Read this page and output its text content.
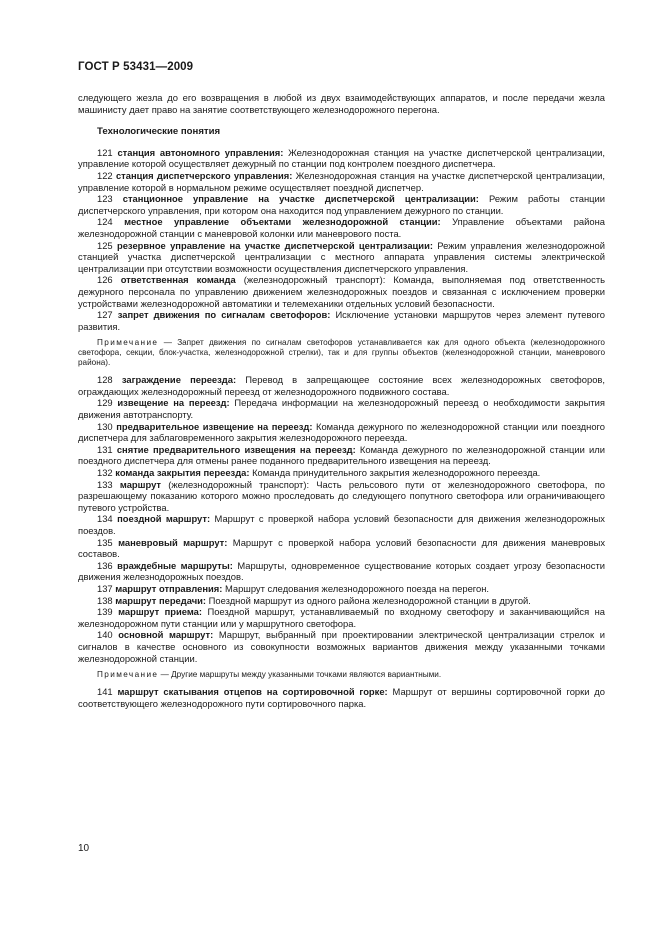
ГОСТ Р 53431—2009

следующего жезла до его возвращения в любой из двух взаимодействующих аппаратов, и после передачи жезла машинисту дает право на занятие соответствующего железнодорожного перегона.

Технологические понятия

121 станция автономного управления: Железнодорожная станция на участке диспетчерской централизации, управление которой осуществляет дежурный по станции под контролем поездного диспетчера.

122 станция диспетчерского управления: Железнодорожная станция на участке диспетчерской централизации, управление которой в нормальном режиме осуществляет поездной диспетчер.

123 станционное управление на участке диспетчерской централизации: Режим работы станции диспетчерского управления, при котором она находится под управлением дежурного по станции.

124 местное управление объектами железнодорожной станции: Управление объектами района железнодорожной станции с маневровой колонки или маневрового поста.

125 резервное управление на участке диспетчерской централизации: Режим управления железнодорожной станцией участка диспетчерской централизации с местного аппарата управления системы электрической централизации при отсутствии возможности осуществления диспетчерского управления.

126 ответственная команда (железнодорожный транспорт): Команда, выполняемая под ответственность дежурного персонала по управлению движением железнодорожных поездов и связанная с исключением проверки устройствами железнодорожной автоматики и телемеханики отдельных условий безопасности.

127 запрет движения по сигналам светофоров: Исключение установки маршрутов через элемент путевого развития.

Примечание — Запрет движения по сигналам светофоров устанавливается как для одного объекта (железнодорожного светофора, секции, блок-участка, железнодорожной стрелки), так и для группы объектов (железнодорожной станции, маневрового района).

128 заграждение переезда: Перевод в запрещающее состояние всех железнодорожных светофоров, ограждающих железнодорожный переезд от железнодорожного подвижного состава.

129 извещение на переезд: Передача информации на железнодорожный переезд о необходимости закрытия движения автотранспорту.

130 предварительное извещение на переезд: Команда дежурного по железнодорожной станции или поездного диспетчера для заблаговременного закрытия железнодорожного переезда.

131 снятие предварительного извещения на переезд: Команда дежурного по железнодорожной станции или поездного диспетчера для отмены ранее поданного предварительного извещения на переезд.

132 команда закрытия переезда: Команда принудительного закрытия железнодорожного переезда.

133 маршрут (железнодорожный транспорт): Часть рельсового пути от железнодорожного светофора, по разрешающему показанию которого можно проследовать до следующего попутного светофора или ограничивающего путевого устройства.

134 поездной маршрут: Маршрут с проверкой набора условий безопасности для движения железнодорожных поездов.

135 маневровый маршрут: Маршрут с проверкой набора условий безопасности для движения маневровых составов.

136 враждебные маршруты: Маршруты, одновременное существование которых создает угрозу безопасности движения железнодорожных поездов.

137 маршрут отправления: Маршрут следования железнодорожного поезда на перегон.

138 маршрут передачи: Поездной маршрут из одного района железнодорожной станции в другой.

139 маршрут приема: Поездной маршрут, устанавливаемый по входному светофору и заканчивающийся на железнодорожном пути станции или у маршрутного светофора.

140 основной маршрут: Маршрут, выбранный при проектировании электрической централизации стрелок и сигналов в качестве основного из совокупности возможных вариантов движения между указанными точками железнодорожной станции.

Примечание — Другие маршруты между указанными точками являются вариантными.

141 маршрут скатывания отцепов на сортировочной горке: Маршрут от вершины сортировочной горки до соответствующего железнодорожного пути сортировочного парка.

10
